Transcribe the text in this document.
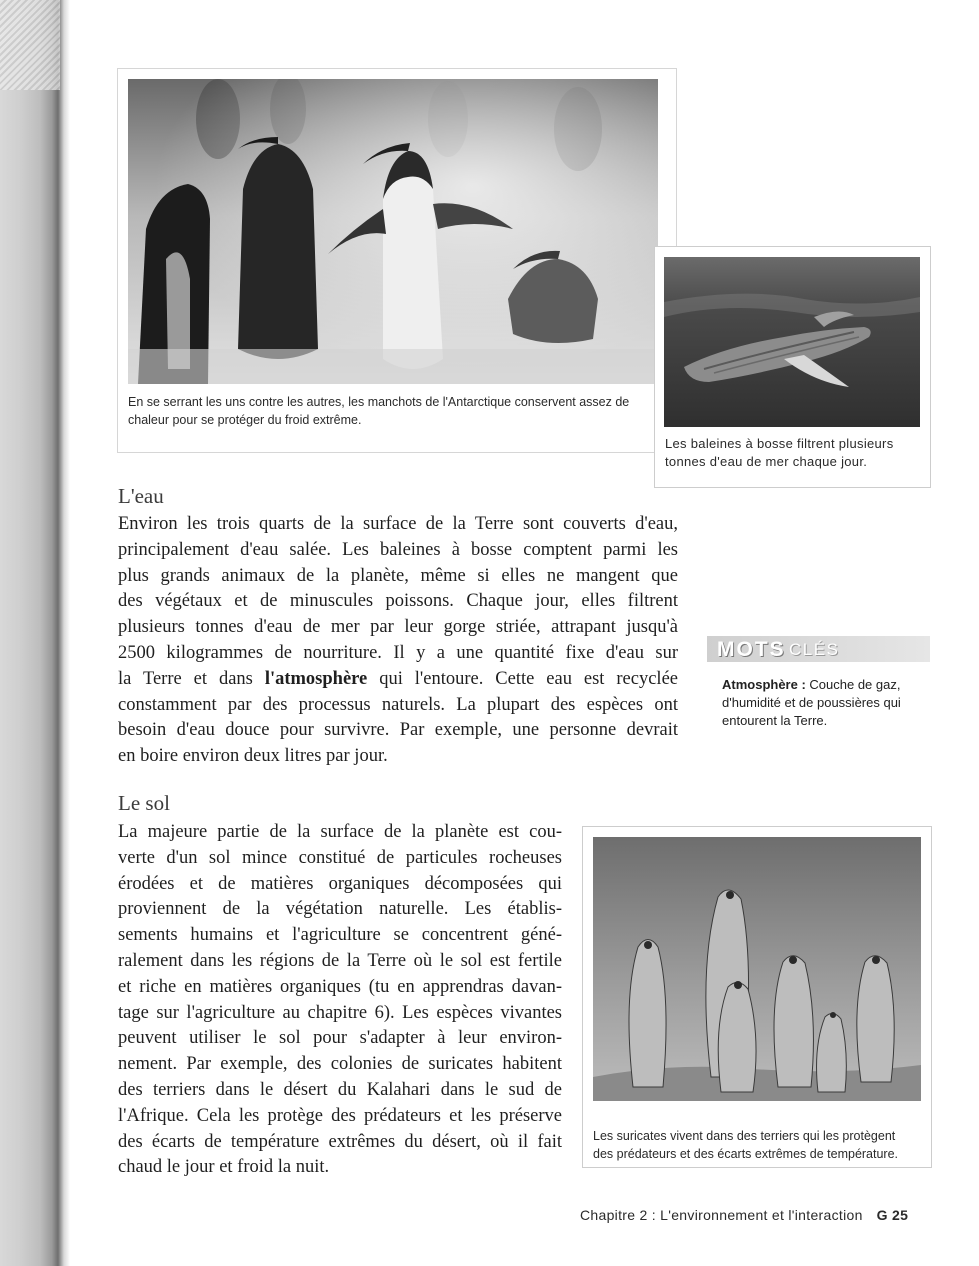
En se serrant les uns contre les autres, les manchots de l'Antarctique conservent assez de chaleur pour se protéger du froid extrême.
Les baleines à bosse filtrent plusieurs
tonnes d'eau de mer chaque jour.
L'eau
Environ les trois quarts de la surface de la Terre sont couverts d'eau,
principalement d'eau salée. Les baleines à bosse comptent parmi les
plus grands animaux de la planète, même si elles ne mangent que
des végétaux et de minuscules poissons. Chaque jour, elles filtrent
plusieurs tonnes d'eau de mer par leur gorge striée, attrapant jusqu'à
2500 kilogrammes de nourriture. Il y a une quantité fixe d'eau sur
la Terre et dans l'atmosphère qui l'entoure. Cette eau est recyclée
constamment par des processus naturels. La plupart des espèces ont
besoin d'eau douce pour survivre. Par exemple, une personne devrait
en boire environ deux litres par jour.
MOTS CLÉS
Atmosphère : Couche de gaz, d'humidité et de poussières qui entourent la Terre.
Le sol
La majeure partie de la surface de la planète est cou-
verte d'un sol mince constitué de particules rocheuses
érodées et de matières organiques décomposées qui
proviennent de la végétation naturelle. Les établis-
sements humains et l'agriculture se concentrent géné-
ralement dans les régions de la Terre où le sol est fertile
et riche en matières organiques (tu en apprendras davan-
tage sur l'agriculture au chapitre 6). Les espèces vivantes
peuvent utiliser le sol pour s'adapter à leur environ-
nement. Par exemple, des colonies de suricates habitent
des terriers dans le désert du Kalahari dans le sud de
l'Afrique. Cela les protège des prédateurs et les préserve
des écarts de température extrêmes du désert, où il fait
chaud le jour et froid la nuit.
Les suricates vivent dans des terriers qui les protègent
des prédateurs et des écarts extrêmes de température.
Chapitre 2 : L'environnement et l'interaction G 25
